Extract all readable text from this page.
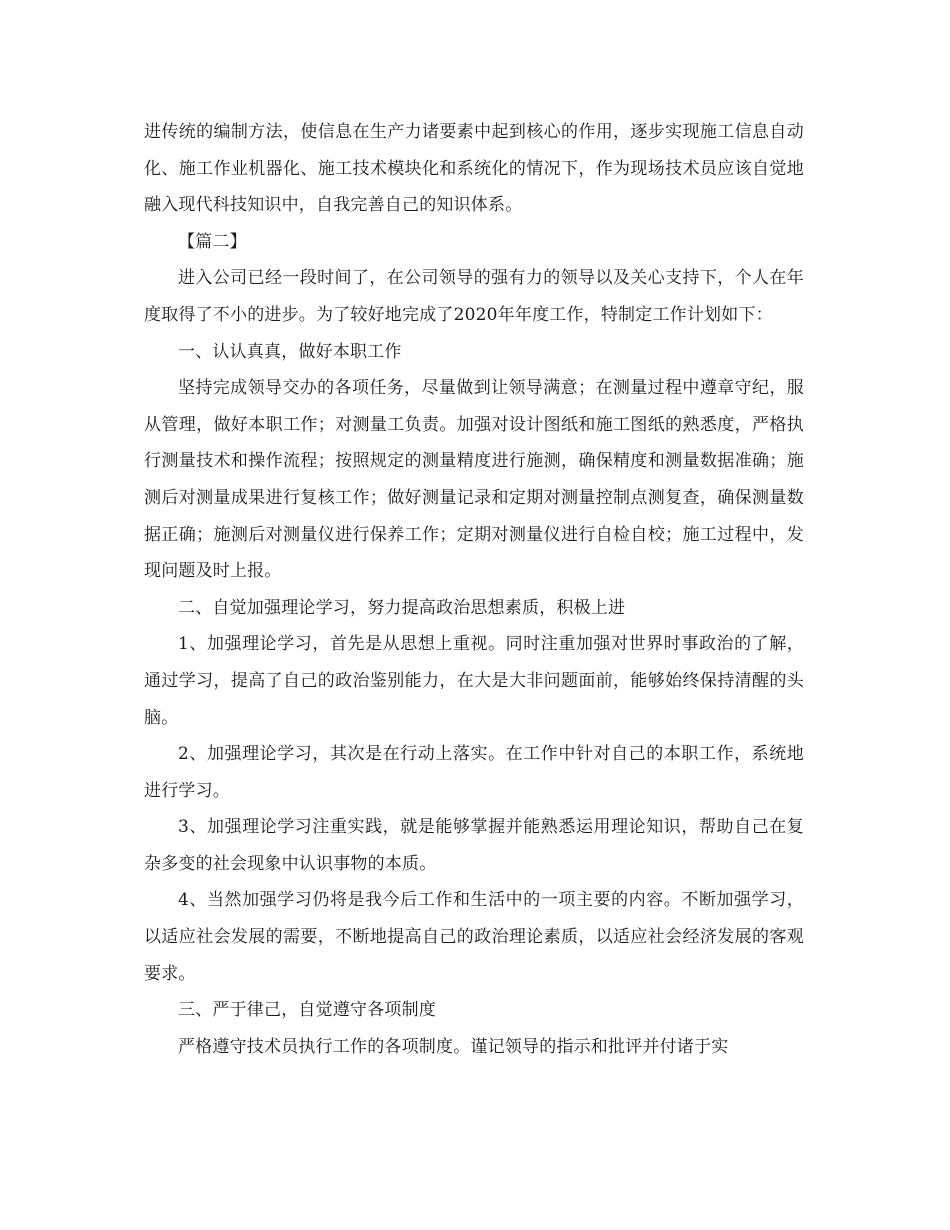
进传统的编制方法，使信息在生产力诸要素中起到核心的作用，逐步实现施工信息自动化、施工作业机器化、施工技术模块化和系统化的情况下，作为现场技术员应该自觉地融入现代科技知识中，自我完善自己的知识体系。

【篇二】

进入公司已经一段时间了，在公司领导的强有力的领导以及关心支持下，个人在年度取得了不小的进步。为了较好地完成了2020年年度工作，特制定工作计划如下：

一、认认真真，做好本职工作

坚持完成领导交办的各项任务，尽量做到让领导满意；在测量过程中遵章守纪，服从管理，做好本职工作；对测量工负责。加强对设计图纸和施工图纸的熟悉度，严格执行测量技术和操作流程；按照规定的测量精度进行施测，确保精度和测量数据准确；施测后对测量成果进行复核工作；做好测量记录和定期对测量控制点测复查，确保测量数据正确；施测后对测量仪进行保养工作；定期对测量仪进行自检自校；施工过程中，发现问题及时上报。

二、自觉加强理论学习，努力提高政治思想素质，积极上进

1、加强理论学习，首先是从思想上重视。同时注重加强对世界时事政治的了解，通过学习，提高了自己的政治鉴别能力，在大是大非问题面前，能够始终保持清醒的头脑。

2、加强理论学习，其次是在行动上落实。在工作中针对自己的本职工作，系统地进行学习。

3、加强理论学习注重实践，就是能够掌握并能熟悉运用理论知识，帮助自己在复杂多变的社会现象中认识事物的本质。

4、当然加强学习仍将是我今后工作和生活中的一项主要的内容。不断加强学习，以适应社会发展的需要，不断地提高自己的政治理论素质，以适应社会经济发展的客观要求。

三、严于律己，自觉遵守各项制度

严格遵守技术员执行工作的各项制度。谨记领导的指示和批评并付诸于实
